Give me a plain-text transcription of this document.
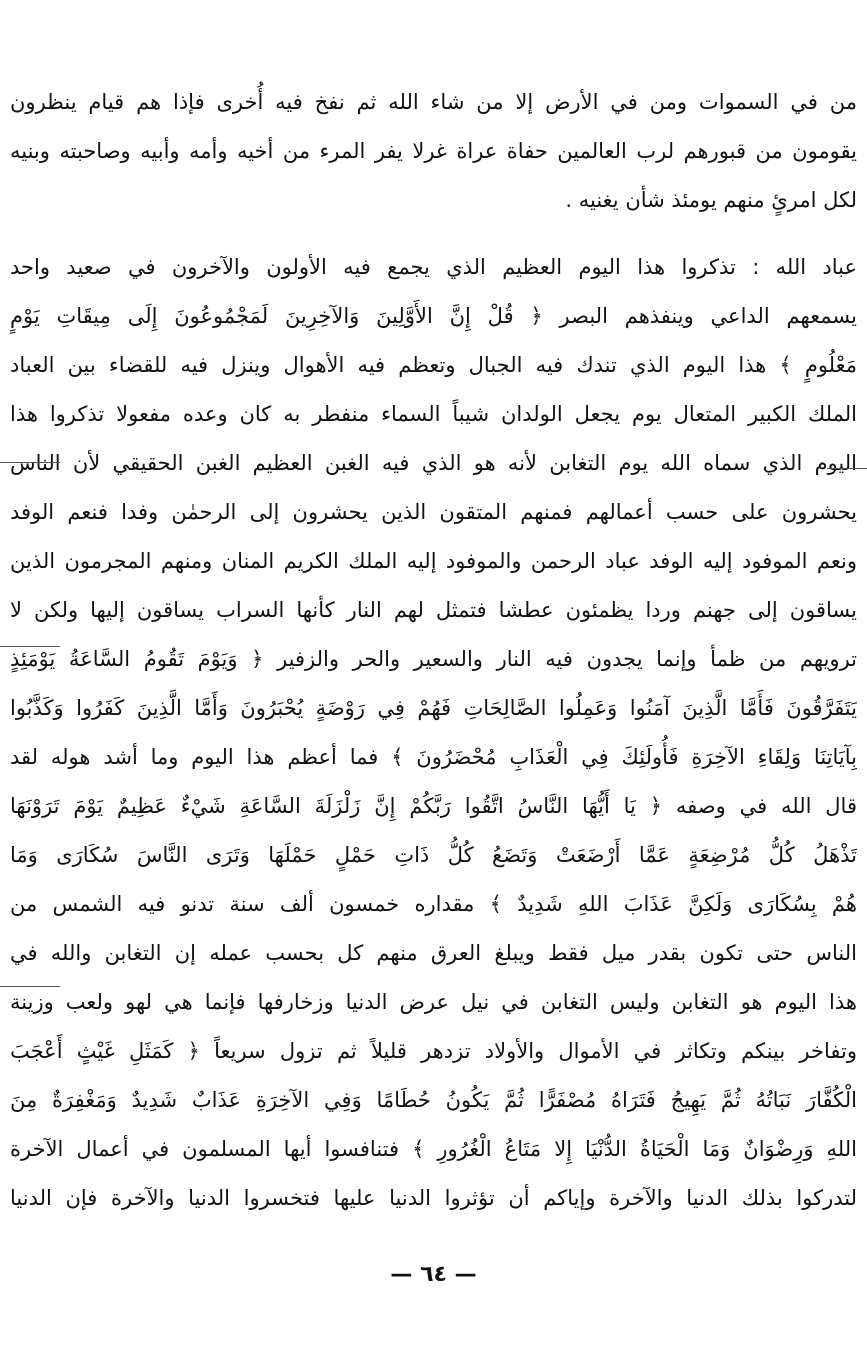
من في السموات ومن في الأرض إلا من شاء الله ثم نفخ فيه أُخرى فإذا هم قيام ينظرون
يقومون من قبورهم لرب العالمين حفاة عراة غرلا يفر المرء من أخيه وأمه وأبيه وصاحبته وبنيه
لكل امرئٍ منهم يومئذ شأن يغنيه .
عباد الله : تذكروا هذا اليوم العظيم الذي يجمع فيه الأولون والآخرون في صعيد واحد
يسمعهم الداعي وينفذهم البصر ﴿ قُلْ إِنَّ الأَوَّلِينَ وَالآخِرِينَ لَمَجْمُوعُونَ إِلَى مِيقَاتِ يَوْمٍ
مَعْلُومٍ ﴾ هذا اليوم الذي تندك فيه الجبال وتعظم فيه الأهوال وينزل فيه للقضاء بين العباد
الملك الكبير المتعال يوم يجعل الولدان شيباً السماء منفطر به كان وعده مفعولا تذكروا هذا
اليوم الذي سماه الله يوم التغابن لأنه هو الذي فيه الغبن العظيم الغبن الحقيقي لأن الناس
يحشرون على حسب أعمالهم فمنهم المتقون الذين يحشرون إلى الرحمٰن وفدا فنعم الوفد
ونعم الموفود إليه الوفد عباد الرحمن والموفود إليه الملك الكريم المنان ومنهم المجرمون الذين
يساقون إلى جهنم وردا يظمئون عطشا فتمثل لهم النار كأنها السراب يساقون إليها ولكن لا
ترويهم من ظمأ وإنما يجدون فيه النار والسعير والحر والزفير ﴿ وَيَوْمَ تَقُومُ السَّاعَةُ يَوْمَئِذٍ
يَتَفَرَّقُونَ فَأَمَّا الَّذِينَ آمَنُوا وَعَمِلُوا الصَّالِحَاتِ فَهُمْ فِي رَوْضَةٍ يُحْبَرُونَ وَأَمَّا الَّذِينَ كَفَرُوا وَكَذَّبُوا
بِآيَاتِنَا وَلِقَاءِ الآخِرَةِ فَأُولَئِكَ فِي الْعَذَابِ مُحْضَرُونَ ﴾ فما أعظم هذا اليوم وما أشد هوله لقد
قال الله في وصفه ﴿ يَا أَيُّهَا النَّاسُ اتَّقُوا رَبَّكُمْ إِنَّ زَلْزَلَةَ السَّاعَةِ شَيْءٌ عَظِيمٌ يَوْمَ تَرَوْنَهَا
تَذْهَلُ كُلُّ مُرْضِعَةٍ عَمَّا أَرْضَعَتْ وَتَضَعُ كُلُّ ذَاتِ حَمْلٍ حَمْلَهَا وَتَرَى النَّاسَ سُكَارَى وَمَا
هُمْ بِسُكَارَى وَلَكِنَّ عَذَابَ اللهِ شَدِيدٌ ﴾ مقداره خمسون ألف سنة تدنو فيه الشمس من
الناس حتى تكون بقدر ميل فقط ويبلغ العرق منهم كل بحسب عمله إن التغابن والله في
هذا اليوم هو التغابن وليس التغابن في نيل عرض الدنيا وزخارفها فإنما هي لهو ولعب وزينة
وتفاخر بينكم وتكاثر في الأموال والأولاد تزدهر قليلاً ثم تزول سريعاً ﴿ كَمَثَلِ غَيْثٍ أَعْجَبَ
الْكُفَّارَ نَبَاتُهُ ثُمَّ يَهِيجُ فَتَرَاهُ مُصْفَرًّا ثُمَّ يَكُونُ حُطَامًا وَفِي الآخِرَةِ عَذَابٌ شَدِيدٌ وَمَغْفِرَةٌ مِنَ
اللهِ وَرِضْوَانٌ وَمَا الْحَيَاةُ الدُّنْيَا إِلا مَتَاعُ الْغُرُورِ ﴾ فتنافسوا أيها المسلمون في أعمال الآخرة
لتدركوا بذلك الدنيا والآخرة وإياكم أن تؤثروا الدنيا عليها فتخسروا الدنيا والآخرة فإن الدنيا
— ٦٤ —
